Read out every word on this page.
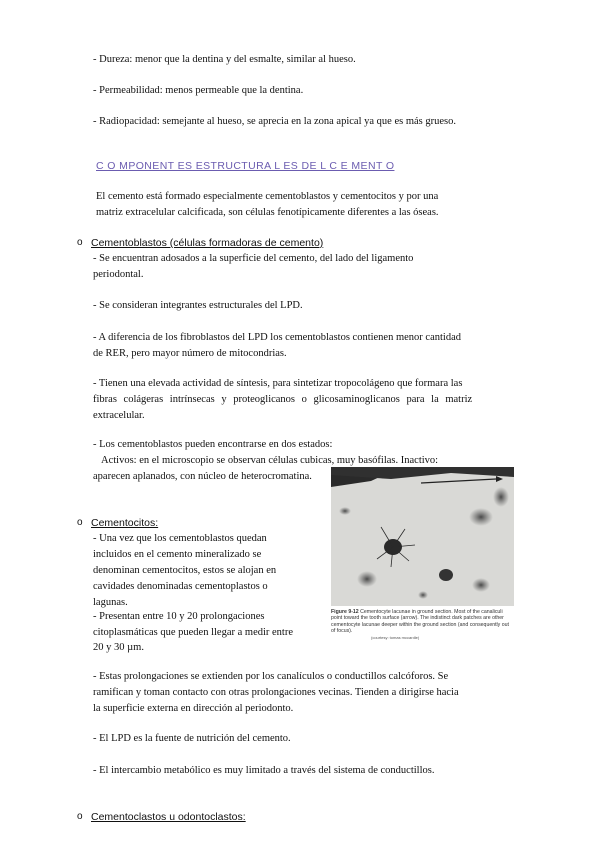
- Dureza: menor que la dentina y del esmalte, similar al hueso.
- Permeabilidad: menos permeable que la dentina.
- Radiopacidad: semejante al hueso, se aprecia en la zona apical ya que es más grueso.
C O MPONENT ES ESTRUCTURA L ES DE L C E MENT O
El cemento está formado especialmente cementoblastos y cementocitos y por una
matriz extracelular calcificada, son células fenotípicamente diferentes a las óseas.
o Cementoblastos (células formadoras de cemento)
- Se encuentran adosados a la superficie del cemento, del lado del ligamento
periodontal.
- Se consideran integrantes estructurales del LPD.
- A diferencia de los fibroblastos del LPD los cementoblastos contienen menor cantidad
de RER, pero mayor número de mitocondrias.
- Tienen una elevada actividad de síntesis, para sintetizar tropocolágeno que formara las
fibras colágeras intrínsecas y proteoglicanos o glicosaminoglicanos para la matriz
extracelular.
- Los cementoblastos pueden encontrarse en dos estados:
Activos: en el microscopio se observan células cubicas, muy basófilas. Inactivo:
aparecen aplanados, con núcleo de heterocromatina.
Figure 9-12 Cementocyte lacunae in ground section. Most of the canaliculi point toward the tooth surface (arrow). The indistinct dark patches are other cementocyte lacunae deeper within the ground section (and consequently out of focus).
(courtesy: tomas mccardle)
o Cementocitos:
- Una vez que los cementoblastos quedan
incluidos en el cemento mineralizado se
denominan cementocitos, estos se alojan en
cavidades denominadas cementoplastos o
lagunas.
- Presentan entre 10 y 20 prolongaciones
citoplasmáticas que pueden llegar a medir entre
20 y 30 µm.
- Estas prolongaciones se extienden por los canalículos o conductillos calcóforos. Se
ramifican y toman contacto con otras prolongaciones vecinas. Tienden a dirigirse hacia
la superficie externa en dirección al periodonto.
- El LPD es la fuente de nutrición del cemento.
- El intercambio metabólico es muy limitado a través del sistema de conductillos.
o Cementoclastos u odontoclastos:
